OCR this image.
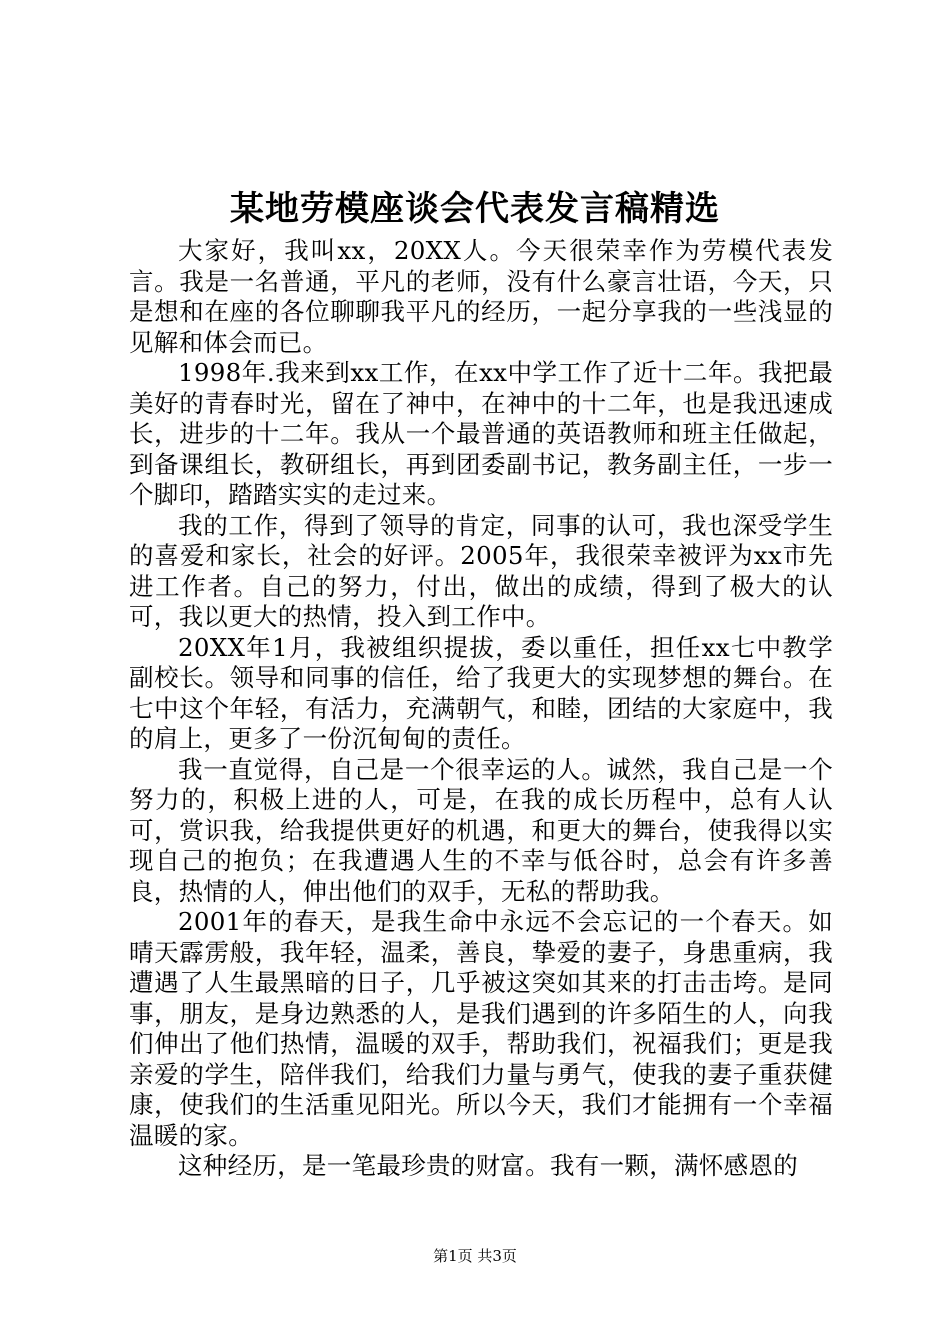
某地劳模座谈会代表发言稿精选

大家好，我叫xx，20XX人。今天很荣幸作为劳模代表发言。我是一名普通，平凡的老师，没有什么豪言壮语，今天，只是想和在座的各位聊聊我平凡的经历，一起分享我的一些浅显的见解和体会而已。

1998年.我来到xx工作，在xx中学工作了近十二年。我把最美好的青春时光，留在了神中，在神中的十二年，也是我迅速成长，进步的十二年。我从一个最普通的英语教师和班主任做起，到备课组长，教研组长，再到团委副书记，教务副主任，一步一个脚印，踏踏实实的走过来。

我的工作，得到了领导的肯定，同事的认可，我也深受学生的喜爱和家长，社会的好评。2005年，我很荣幸被评为xx市先进工作者。自己的努力，付出，做出的成绩，得到了极大的认可，我以更大的热情，投入到工作中。

20XX年1月，我被组织提拔，委以重任，担任xx七中教学副校长。领导和同事的信任，给了我更大的实现梦想的舞台。在七中这个年轻，有活力，充满朝气，和睦，团结的大家庭中，我的肩上，更多了一份沉甸甸的责任。

我一直觉得，自己是一个很幸运的人。诚然，我自己是一个努力的，积极上进的人，可是，在我的成长历程中，总有人认可，赏识我，给我提供更好的机遇，和更大的舞台，使我得以实现自己的抱负；在我遭遇人生的不幸与低谷时，总会有许多善良，热情的人，伸出他们的双手，无私的帮助我。

2001年的春天，是我生命中永远不会忘记的一个春天。如晴天霹雳般，我年轻，温柔，善良，挚爱的妻子，身患重病，我遭遇了人生最黑暗的日子，几乎被这突如其来的打击击垮。是同事，朋友，是身边熟悉的人，是我们遇到的许多陌生的人，向我们伸出了他们热情，温暖的双手，帮助我们，祝福我们；更是我亲爱的学生，陪伴我们，给我们力量与勇气，使我的妻子重获健康，使我们的生活重见阳光。所以今天，我们才能拥有一个幸福温暖的家。

这种经历，是一笔最珍贵的财富。我有一颗，满怀感恩的

第1页 共3页
